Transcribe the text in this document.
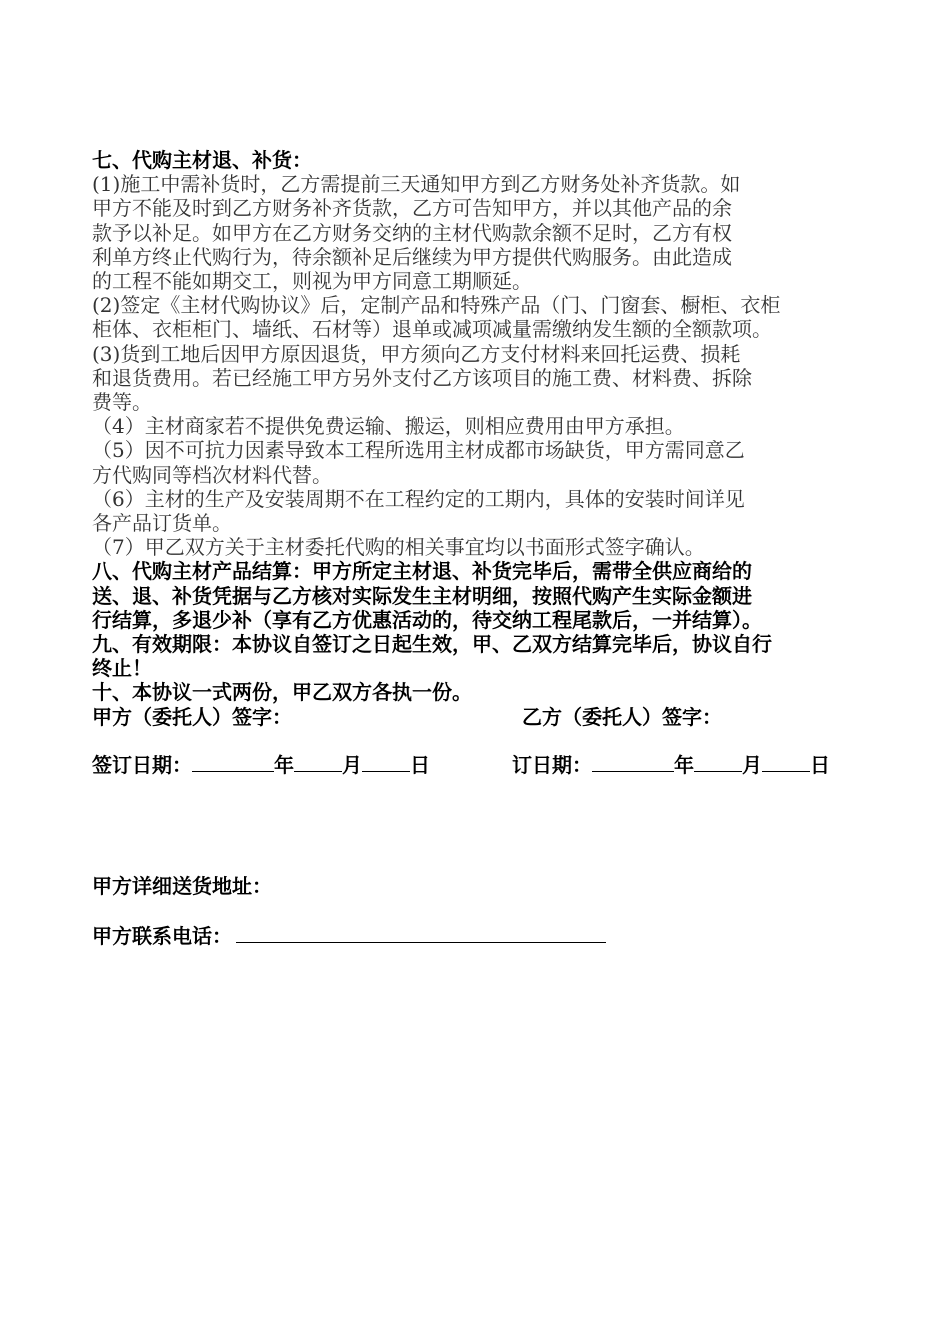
七、代购主材退、补货：
(1)施工中需补货时，乙方需提前三天通知甲方到乙方财务处补齐货款。如
甲方不能及时到乙方财务补齐货款，乙方可告知甲方，并以其他产品的余
款予以补足。如甲方在乙方财务交纳的主材代购款余额不足时，乙方有权
利单方终止代购行为，待余额补足后继续为甲方提供代购服务。由此造成
的工程不能如期交工，则视为甲方同意工期顺延。
(2)签定《主材代购协议》后，定制产品和特殊产品（门、门窗套、橱柜、衣柜
柜体、衣柜柜门、墙纸、石材等）退单或减项减量需缴纳发生额的全额款项。
(3)货到工地后因甲方原因退货，甲方须向乙方支付材料来回托运费、损耗
和退货费用。若已经施工甲方另外支付乙方该项目的施工费、材料费、拆除
费等。
（4）主材商家若不提供免费运输、搬运，则相应费用由甲方承担。
（5）因不可抗力因素导致本工程所选用主材成都市场缺货，甲方需同意乙
方代购同等档次材料代替。
（6）主材的生产及安装周期不在工程约定的工期内，具体的安装时间详见
各产品订货单。
（7）甲乙双方关于主材委托代购的相关事宜均以书面形式签字确认。
八、代购主材产品结算：甲方所定主材退、补货完毕后，需带全供应商给的
送、退、补货凭据与乙方核对实际发生主材明细，按照代购产生实际金额进
行结算，多退少补（享有乙方优惠活动的，待交纳工程尾款后，一并结算）。
九、有效期限：本协议自签订之日起生效，甲、乙双方结算完毕后，协议自行
终止！
十、本协议一式两份，甲乙双方各执一份。
甲方（委托人）签字：	乙方（委托人）签字：
签订日期：	年 月 日	订日期：	年 月 日
甲方详细送货地址：
甲方联系电话：
